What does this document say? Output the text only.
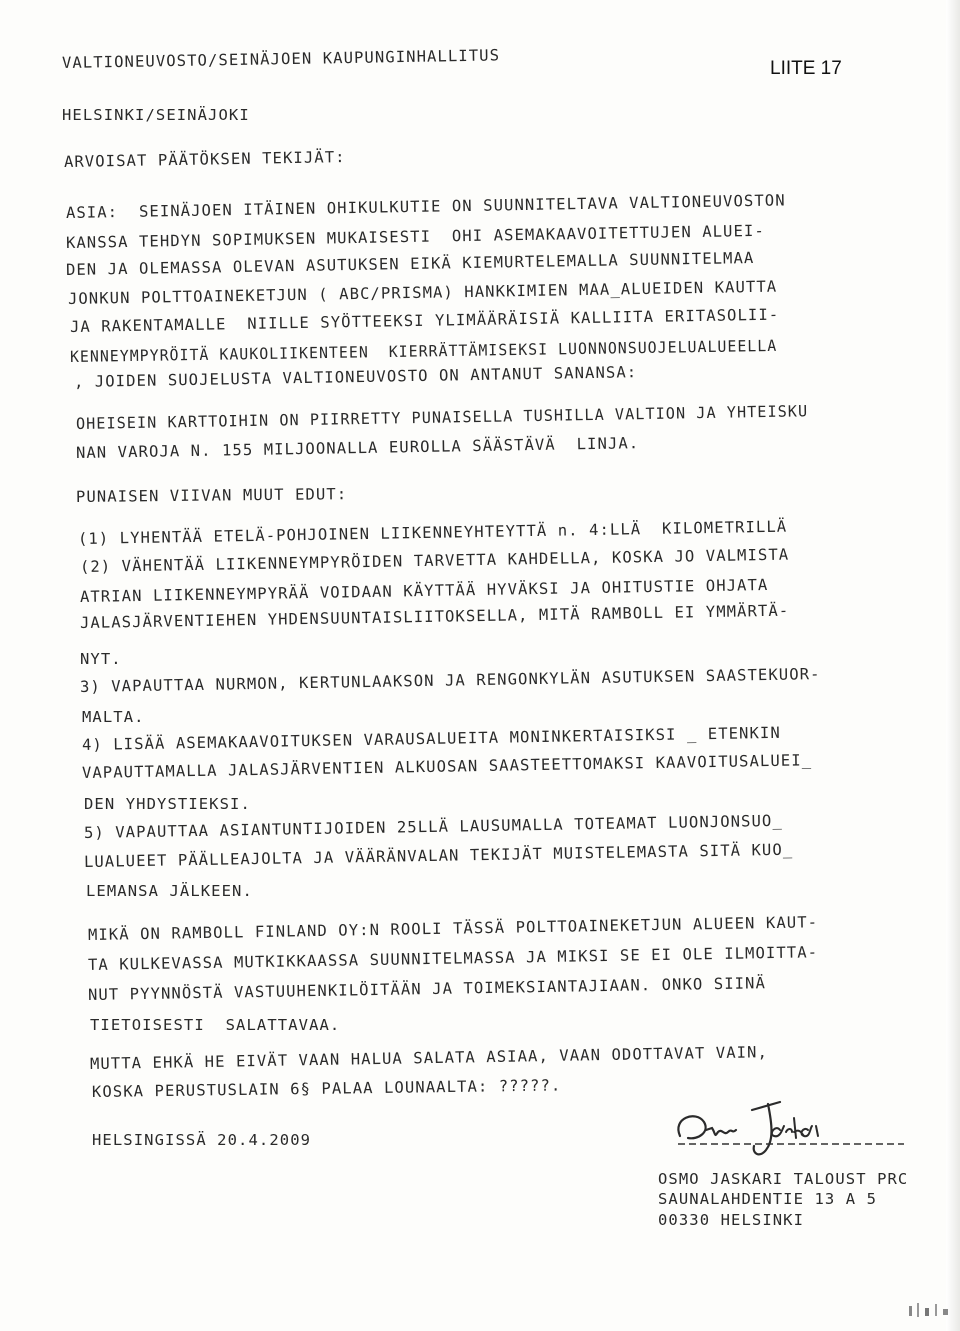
LIITE 17
VALTIONEUVOSTO/SEINÄJOEN KAUPUNGINHALLITUS
HELSINKI/SEINÄJOKI
ARVOISAT PÄÄTÖKSEN TEKIJÄT:
ASIA:  SEINÄJOEN ITÄINEN OHIKULKUTIE ON SUUNNITELTAVA VALTIONEUVOSTON
KANSSA TEHDYN SOPIMUKSEN MUKAISESTI  OHI ASEMAKAAVOITETTUJEN ALUEI-
DEN JA OLEMASSA OLEVAN ASUTUKSEN EIKÄ KIEMURTELEMALLA SUUNNITELMAA
JONKUN POLTTOAINEKETJUN ( ABC/PRISMA) HANKKIMIEN MAA_ALUEIDEN KAUTTA
JA RAKENTAMALLE  NIILLE SYÖTTEEKSI YLIMÄÄRÄISIÄ KALLIITA ERITASOLII-
KENNEYMPYRÖITÄ KAUKOLIIKENTEEN  KIERRÄTTÄMISEKSI LUONNONSUOJELUALUEELLA
, JOIDEN SUOJELUSTA VALTIONEUVOSTO ON ANTANUT SANANSA:
OHEISEIN KARTTOIHIN ON PIIRRETTY PUNAISELLA TUSHILLA VALTION JA YHTEISKU
NAN VAROJA N. 155 MILJOONALLA EUROLLA SÄÄSTÄVÄ  LINJA.
PUNAISEN VIIVAN MUUT EDUT:
(1) LYHENTÄÄ ETELÄ-POHJOINEN LIIKENNEYHTEYTTÄ n. 4:LLÄ  KILOMETRILLÄ
(2) VÄHENTÄÄ LIIKENNEYMPYRÖIDEN TARVETTA KAHDELLA, KOSKA JO VALMISTA
ATRIAN LIIKENNEYMPYRÄÄ VOIDAAN KÄYTTÄÄ HYVÄKSI JA OHITUSTIE OHJATA
JALASJÄRVENTIEHEN YHDENSUUNTAISLIITOKSELLA, MITÄ RAMBOLL EI YMMÄRTÄ-
NYT.
3) VAPAUTTAA NURMON, KERTUNLAAKSON JA RENGONKYLÄN ASUTUKSEN SAASTEKUOR-
MALTA.
4) LISÄÄ ASEMAKAAVOITUKSEN VARAUSALUEITA MONINKERTAISIKSI _ ETENKIN
VAPAUTTAMALLA JALASJÄRVENTIEN ALKUOSAN SAASTEETTOMAKSI KAAVOITUSALUEI_
DEN YHDYSTIEKSI.
5) VAPAUTTAA ASIANTUNTIJOIDEN 25LLÄ LAUSUMALLA TOTEAMAT LUONJONSUO_
LUALUEET PÄÄLLEAJOLTA JA VÄÄRÄNVALAN TEKIJÄT MUISTELEMASTA SITÄ KUO_
LEMANSA JÄLKEEN.
MIKÄ ON RAMBOLL FINLAND OY:N ROOLI TÄSSÄ POLTTOAINEKETJUN ALUEEN KAUT-
TA KULKEVASSA MUTKIKKAASSA SUUNNITELMASSA JA MIKSI SE EI OLE ILMOITTA-
NUT PYYNNÖSTÄ VASTUUHENKILÖITÄÄN JA TOIMEKSIANTAJIAAN. ONKO SIINÄ
TIETOISESTI  SALATTAVAA.
MUTTA EHKÄ HE EIVÄT VAAN HALUA SALATA ASIAA, VAAN ODOTTAVAT VAIN,
KOSKA PERUSTUSLAIN 6§ PALAA LOUNAALTA: ?????.
HELSINGISSÄ 20.4.2009
OSMO JASKARI TALOUST PRC
SAUNALAHDENTIE 13 A 5
00330 HELSINKI
